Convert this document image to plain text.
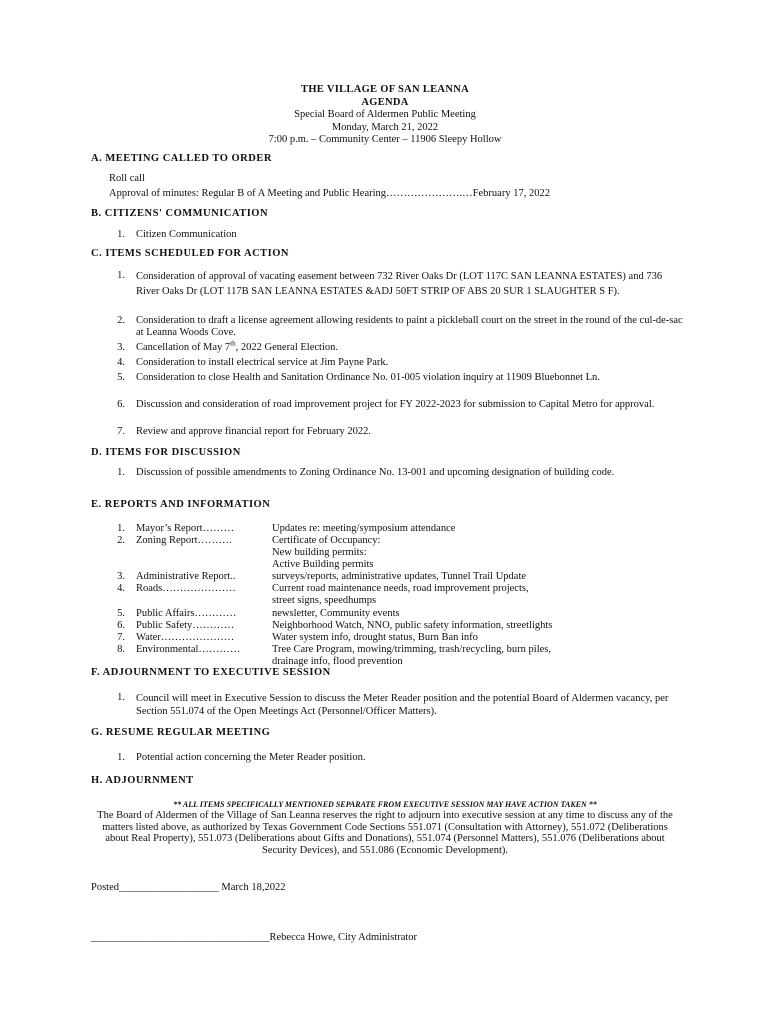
THE VILLAGE OF SAN LEANNA
AGENDA
Special Board of Aldermen Public Meeting
Monday, March 21, 2022
7:00 p.m. – Community Center – 11906 Sleepy Hollow
A. MEETING CALLED TO ORDER
Roll call
Approval of minutes: Regular B of A Meeting and Public Hearing………………….…February 17, 2022
B. CITIZENS' COMMUNICATION
1. Citizen Communication
C. ITEMS SCHEDULED FOR ACTION
1. Consideration of approval of vacating easement between 732 River Oaks Dr (LOT 117C SAN LEANNA ESTATES) and 736 River Oaks Dr (LOT 117B SAN LEANNA ESTATES &ADJ 50FT STRIP OF ABS 20 SUR 1 SLAUGHTER S F).
2. Consideration to draft a license agreement allowing residents to paint a pickleball court on the street in the round of the cul-de-sac at Leanna Woods Cove.
3. Cancellation of May 7th, 2022 General Election.
4. Consideration to install electrical service at Jim Payne Park.
5. Consideration to close Health and Sanitation Ordinance No. 01-005 violation inquiry at 11909 Bluebonnet Ln.
6. Discussion and consideration of road improvement project for FY 2022-2023 for submission to Capital Metro for approval.
7. Review and approve financial report for February 2022.
D. ITEMS FOR DISCUSSION
1. Discussion of possible amendments to Zoning Ordinance No. 13-001 and upcoming designation of building code.
E. REPORTS AND INFORMATION
1. Mayor’s Report………	Updates re: meeting/symposium attendance
2. Zoning Report……….	Certificate of Occupancy:
New building permits:
Active Building permits
3. Administrative Report..	surveys/reports, administrative updates, Tunnel Trail Update
4. Roads…………………	Current road maintenance needs, road improvement projects,
street signs, speedhumps
5. Public Affairs…………	newsletter, Community events
6. Public Safety…………	Neighborhood Watch, NNO, public safety information, streetlights
7. Water…………………	Water system info, drought status, Burn Ban info
8. Environmental…………	Tree Care Program, mowing/trimming, trash/recycling, burn piles,
drainage info, flood prevention
F. ADJOURNMENT TO EXECUTIVE SESSION
1. Council will meet in Executive Session to discuss the Meter Reader position and the potential Board of Aldermen vacancy, per Section 551.074 of the Open Meetings Act (Personnel/Officer Matters).
G. RESUME REGULAR MEETING
1. Potential action concerning the Meter Reader position.
H. ADJOURNMENT
** ALL ITEMS SPECIFICALLY MENTIONED SEPARATE FROM EXECUTIVE SESSION MAY HAVE ACTION TAKEN **
The Board of Aldermen of the Village of San Leanna reserves the right to adjourn into executive session at any time to discuss any of the matters listed above, as authorized by Texas Government Code Sections 551.071 (Consultation with Attorney), 551.072 (Deliberations about Real Property), 551.073 (Deliberations about Gifts and Donations), 551.074 (Personnel Matters), 551.076 (Deliberations about Security Devices), and 551.086 (Economic Development).
Posted___________________ March 18,2022
__________________________________Rebecca Howe, City Administrator
